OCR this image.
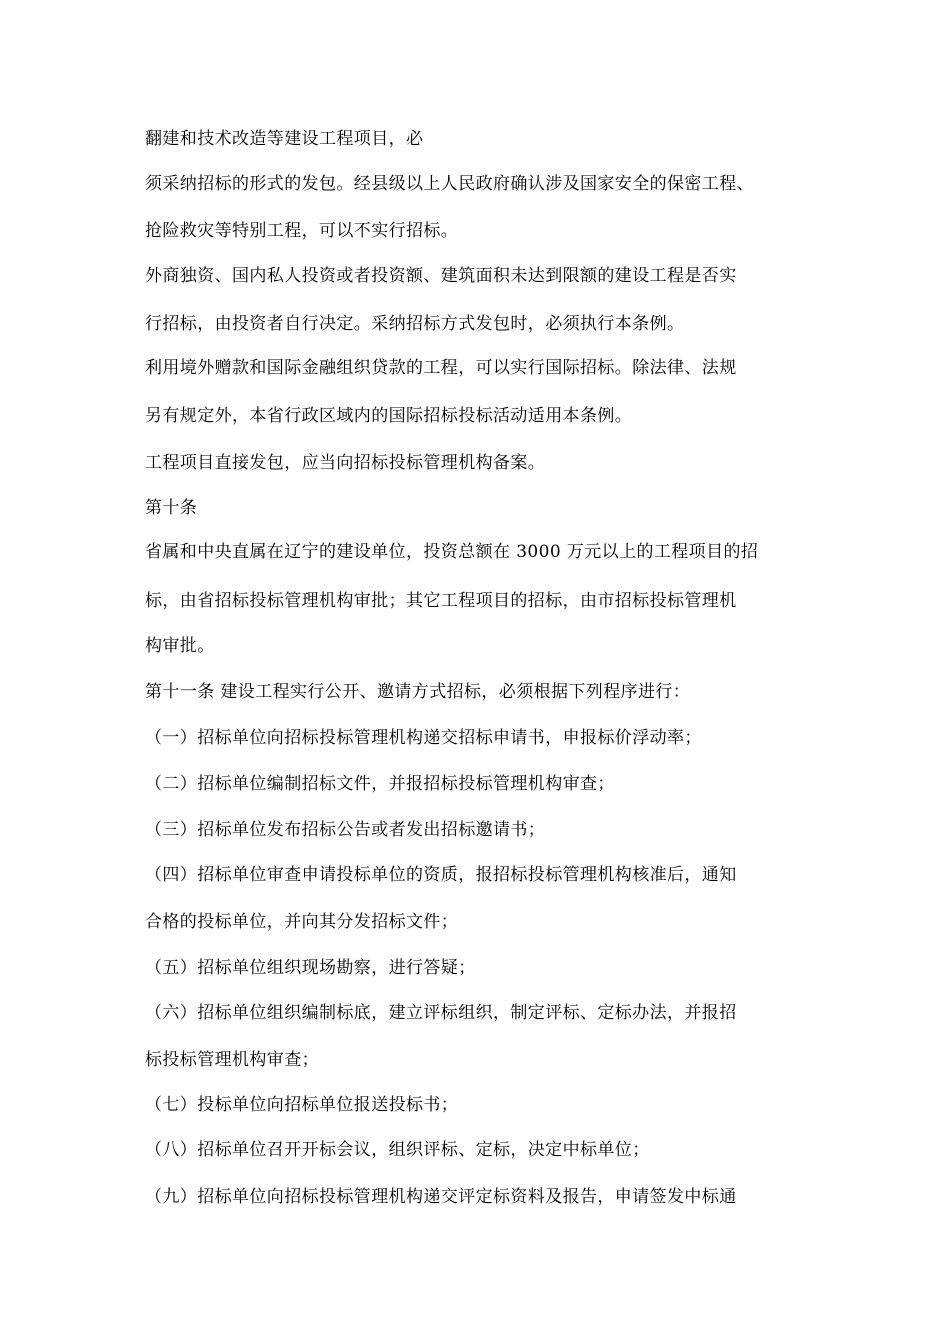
翻建和技术改造等建设工程项目，必
须采纳招标的形式的发包。经县级以上人民政府确认涉及国家安全的保密工程、
抢险救灾等特别工程，可以不实行招标。
外商独资、国内私人投资或者投资额、建筑面积未达到限额的建设工程是否实
行招标，由投资者自行决定。采纳招标方式发包时，必须执行本条例。
利用境外赠款和国际金融组织贷款的工程，可以实行国际招标。除法律、法规
另有规定外，本省行政区域内的国际招标投标活动适用本条例。
工程项目直接发包，应当向招标投标管理机构备案。
第十条
省属和中央直属在辽宁的建设单位，投资总额在 3000 万元以上的工程项目的招
标，由省招标投标管理机构审批；其它工程项目的招标，由市招标投标管理机
构审批。
第十一条 建设工程实行公开、邀请方式招标，必须根据下列程序进行：
（一）招标单位向招标投标管理机构递交招标申请书，申报标价浮动率；
（二）招标单位编制招标文件，并报招标投标管理机构审查；
（三）招标单位发布招标公告或者发出招标邀请书；
（四）招标单位审查申请投标单位的资质，报招标投标管理机构核准后，通知
合格的投标单位，并向其分发招标文件；
（五）招标单位组织现场勘察，进行答疑；
（六）招标单位组织编制标底，建立评标组织，制定评标、定标办法，并报招
标投标管理机构审查；
（七）投标单位向招标单位报送投标书；
（八）招标单位召开开标会议，组织评标、定标，决定中标单位；
（九）招标单位向招标投标管理机构递交评定标资料及报告，申请签发中标通
